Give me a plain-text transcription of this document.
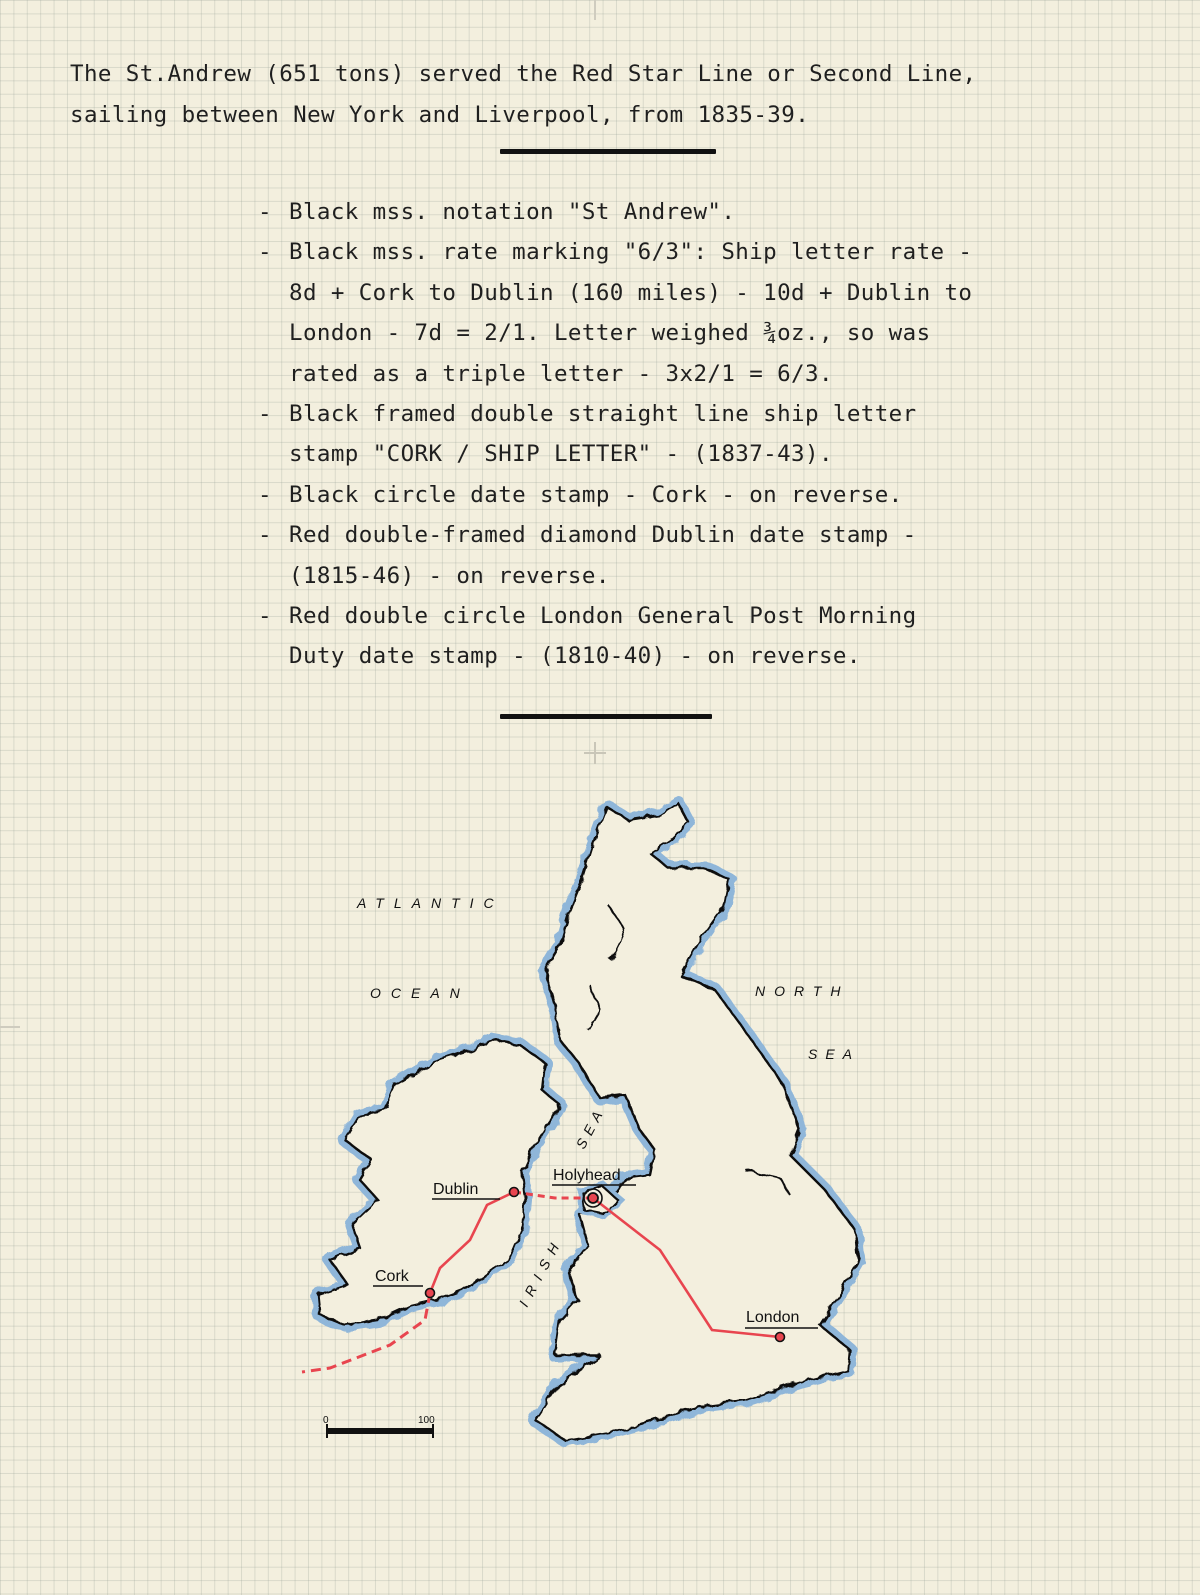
The St.Andrew (651 tons) served the Red Star Line or Second Line,
sailing between New York and Liverpool, from 1835-39.
- Black mss. notation "St Andrew".
- Black mss. rate marking "6/3": Ship letter rate -
8d + Cork to Dublin (160 miles) - 10d + Dublin to
London - 7d = 2/1. Letter weighed ¾oz., so was
rated as a triple letter - 3x2/1 = 6/3.
- Black framed double straight line ship letter
stamp "CORK / SHIP LETTER" - (1837-43).
- Black circle date stamp - Cork - on reverse.
- Red double-framed diamond Dublin date stamp -
(1815-46) - on reverse.
- Red double circle London General Post Morning
Duty date stamp - (1810-40) - on reverse.
Dublin
Holyhead
Cork
London
ATLANTIC
OCEAN	NORTH
SEA
IRISH
SEA
0	100
